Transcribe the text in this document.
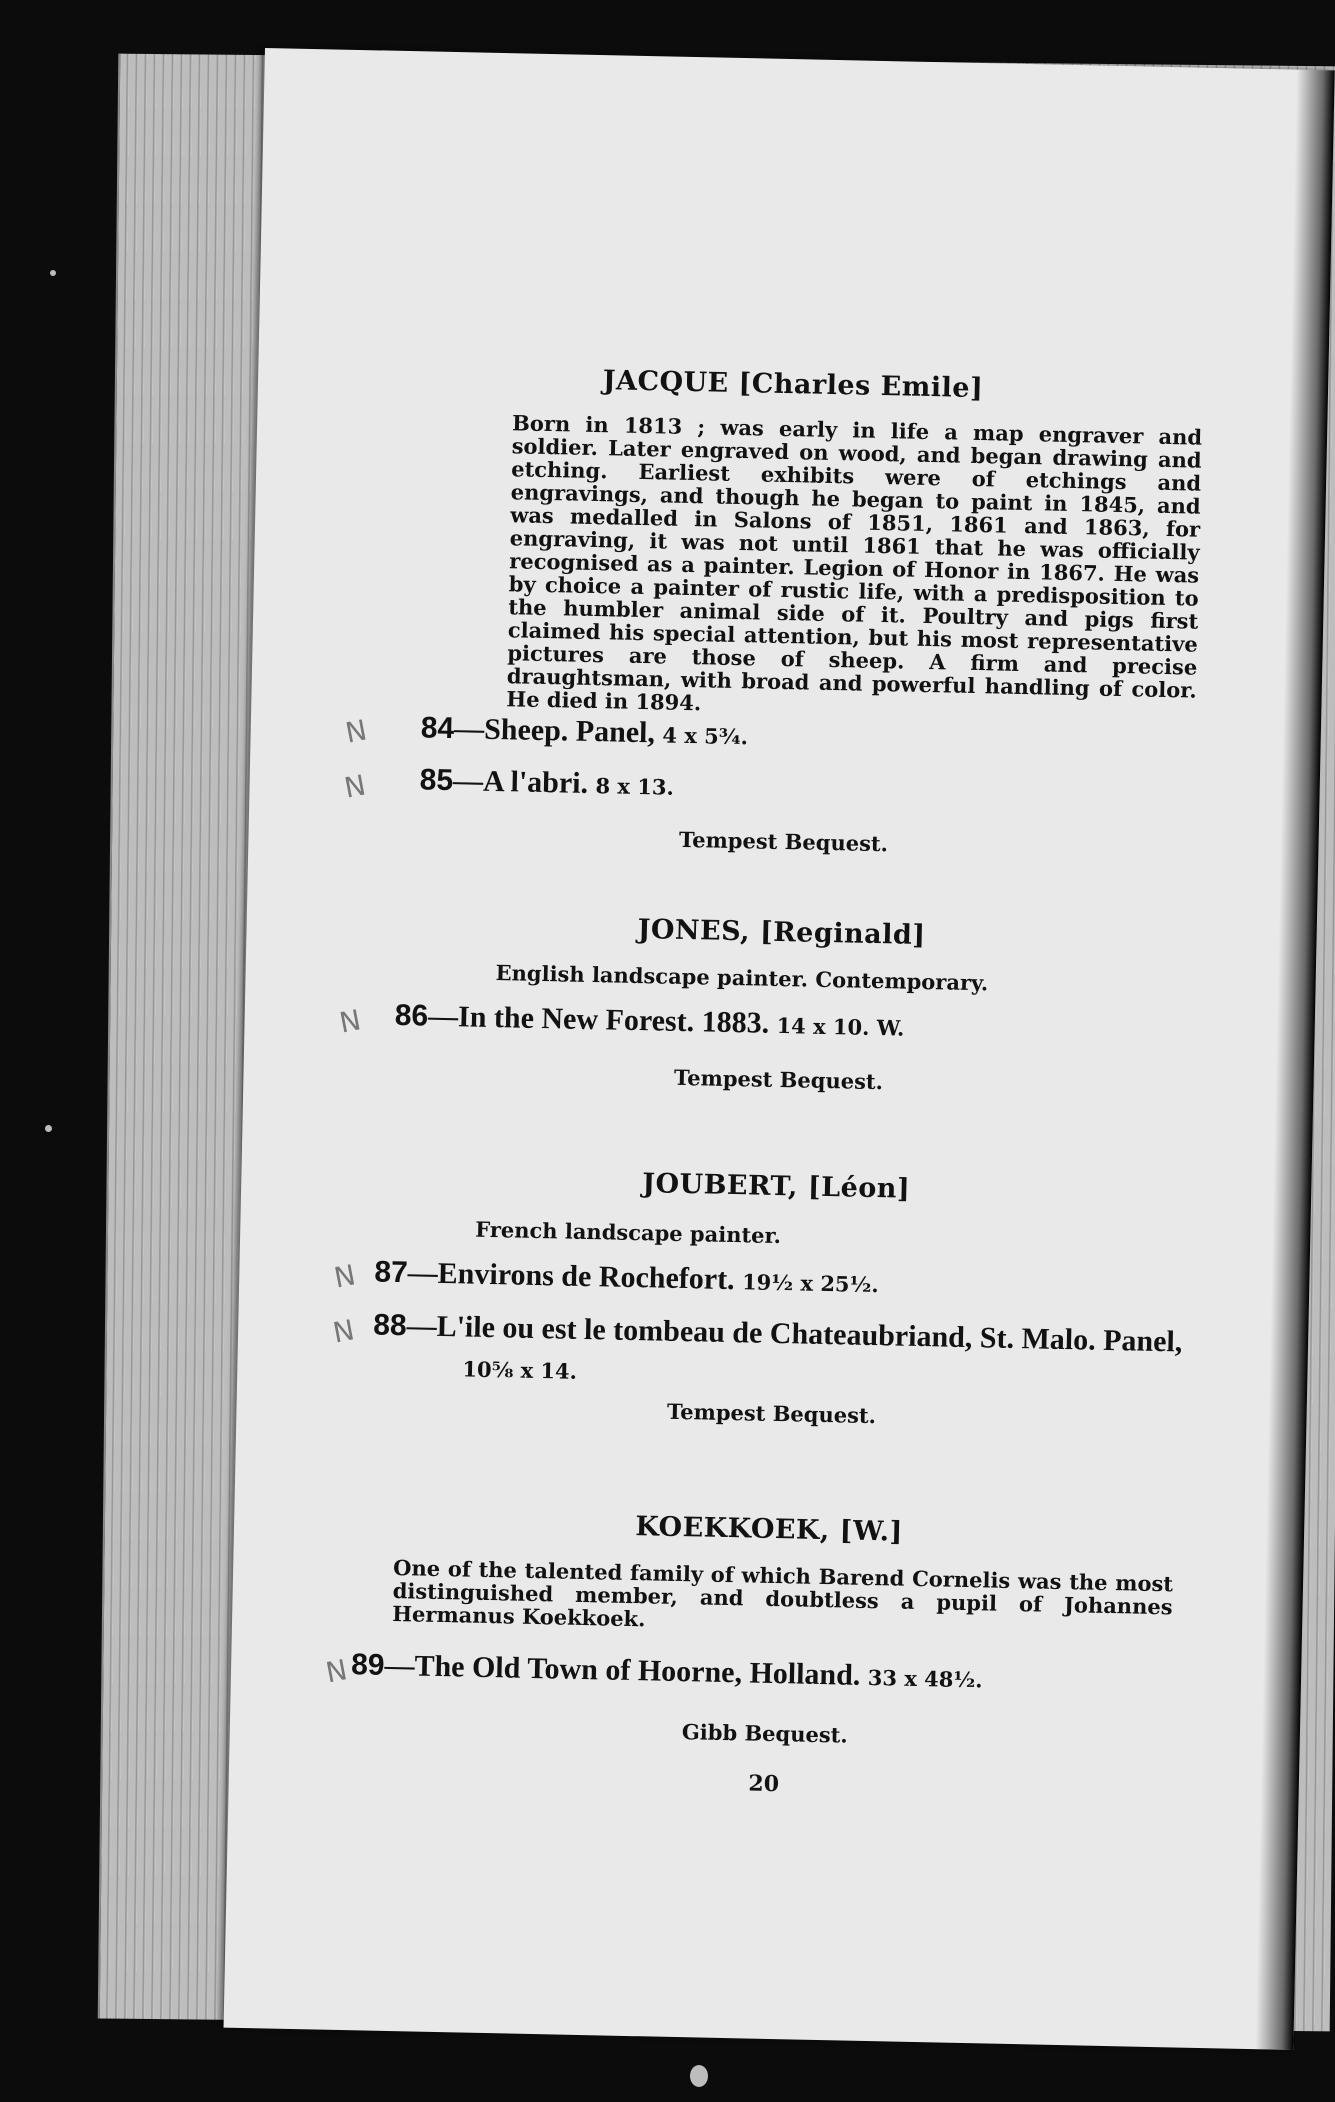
JACQUE [Charles Emile]
Born in 1813 ; was early in life a map engraver and soldier. Later engraved on wood, and began drawing and etching. Earliest exhibits were of etchings and engravings, and though he began to paint in 1845, and was medalled in Salons of 1851, 1861 and 1863, for engraving, it was not until 1861 that he was officially recognised as a painter. Legion of Honor in 1867. He was by choice a painter of rustic life, with a predisposition to the humbler animal side of it. Poultry and pigs first claimed his special attention, but his most representative pictures are those of sheep. A firm and precise draughtsman, with broad and powerful handling of color. He died in 1894.
N 84—Sheep. Panel, 4 x 5¾.
N 85—A l'abri. 8 x 13.
Tempest Bequest.
JONES, [Reginald]
English landscape painter. Contemporary.
N 86—In the New Forest. 1883. 14 x 10. W.
Tempest Bequest.
JOUBERT, [Léon]
French landscape painter.
N 87—Environs de Rochefort. 19½ x 25½.
N 88—L'ile ou est le tombeau de Chateaubriand, St. Malo. Panel,
10⅝ x 14.
Tempest Bequest.
KOEKKOEK, [W.]
One of the talented family of which Barend Cornelis was the most distinguished member, and doubtless a pupil of Johannes Hermanus Koekkoek.
N 89—The Old Town of Hoorne, Holland. 33 x 48½.
Gibb Bequest.
20
